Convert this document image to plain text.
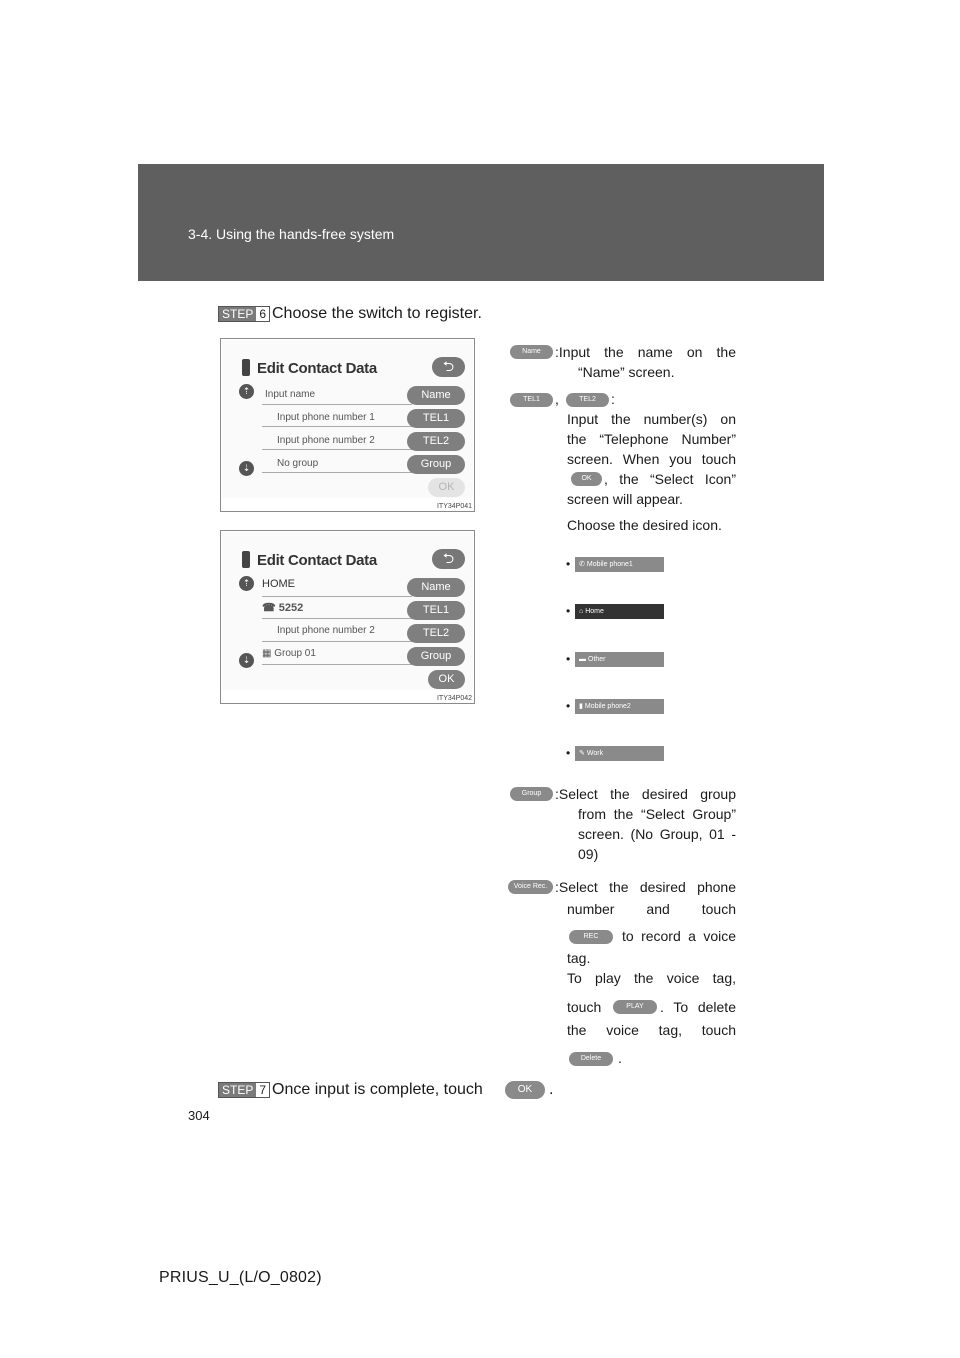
3-4. Using the hands-free system
STEP 6 Choose the switch to register.
Edit Contact Data	⮌
⇡
⇣
Input name
Input phone number 1
Input phone number 2
No group
Name
TEL1
TEL2
Group
OK
ITY34P041
Edit Contact Data	⮌
⇡
⇣
HOME
☎ 5252
Input phone number 2
▦ Group 01
Name
TEL1
TEL2
Group
OK
ITY34P042
Name	:Input the name on the
“Name” screen.
TEL1	,	TEL2	:
Input the number(s) on
the “Telephone Number”
screen. When you touch
OK , the “Select Icon”
screen will appear.
Choose the desired icon.
•	✆ Mobile phone1
•	⌂ Home
•	▬ Other
•	▮ Mobile phone2
•	✎ Work
Group :Select the desired group
from the “Select Group”
screen. (No Group, 01 -
09)
Voice Rec. :Select the desired phone
number and touch
REC	to record a voice
tag.
To play the voice tag,
touch	PLAY	. To delete
the voice tag, touch
Delete	.
STEP 7 Once input is complete, touch	OK	.
304
PRIUS_U_(L/O_0802)
